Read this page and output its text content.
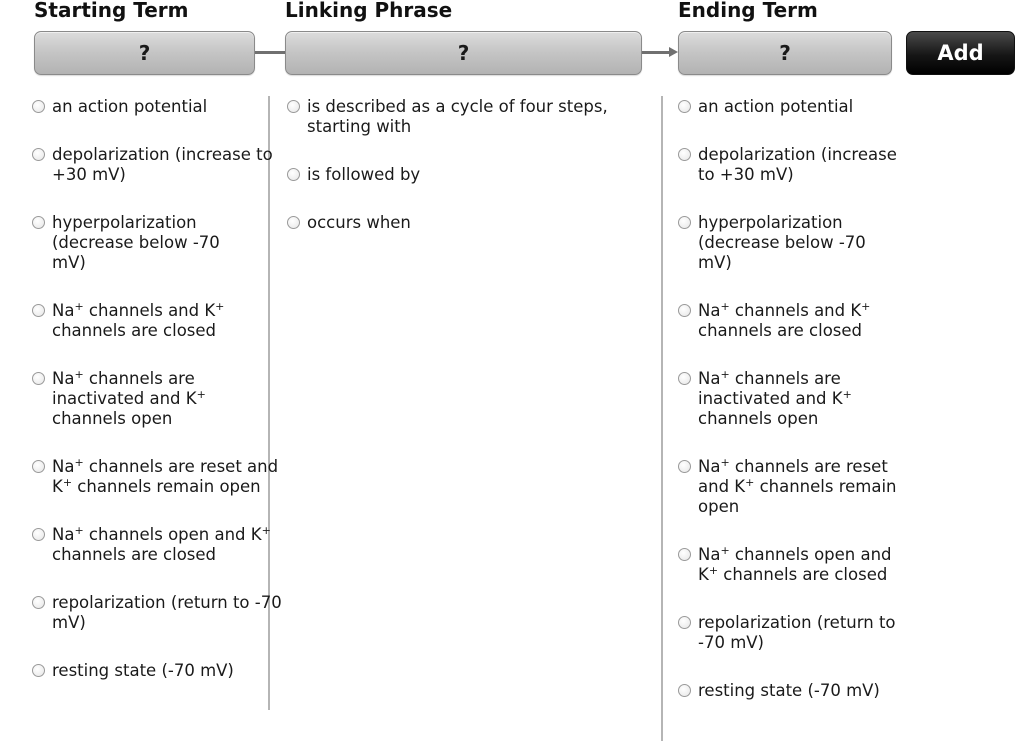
Starting Term	Linking Phrase	Ending Term
?	?	?	Add
an action potential
depolarization (increase to +30 mV)
hyperpolarization (decrease below -70 mV)
Na+ channels and K+ channels are closed
Na+ channels are inactivated and K+ channels open
Na+ channels are reset and K+ channels remain open
Na+ channels open and K+ channels are closed
repolarization (return to -70 mV)
resting state (-70 mV)
is described as a cycle of four steps, starting with
is followed by
occurs when
an action potential
depolarization (increase to +30 mV)
hyperpolarization (decrease below -70 mV)
Na+ channels and K+ channels are closed
Na+ channels are inactivated and K+ channels open
Na+ channels are reset and K+ channels remain open
Na+ channels open and K+ channels are closed
repolarization (return to -70 mV)
resting state (-70 mV)
